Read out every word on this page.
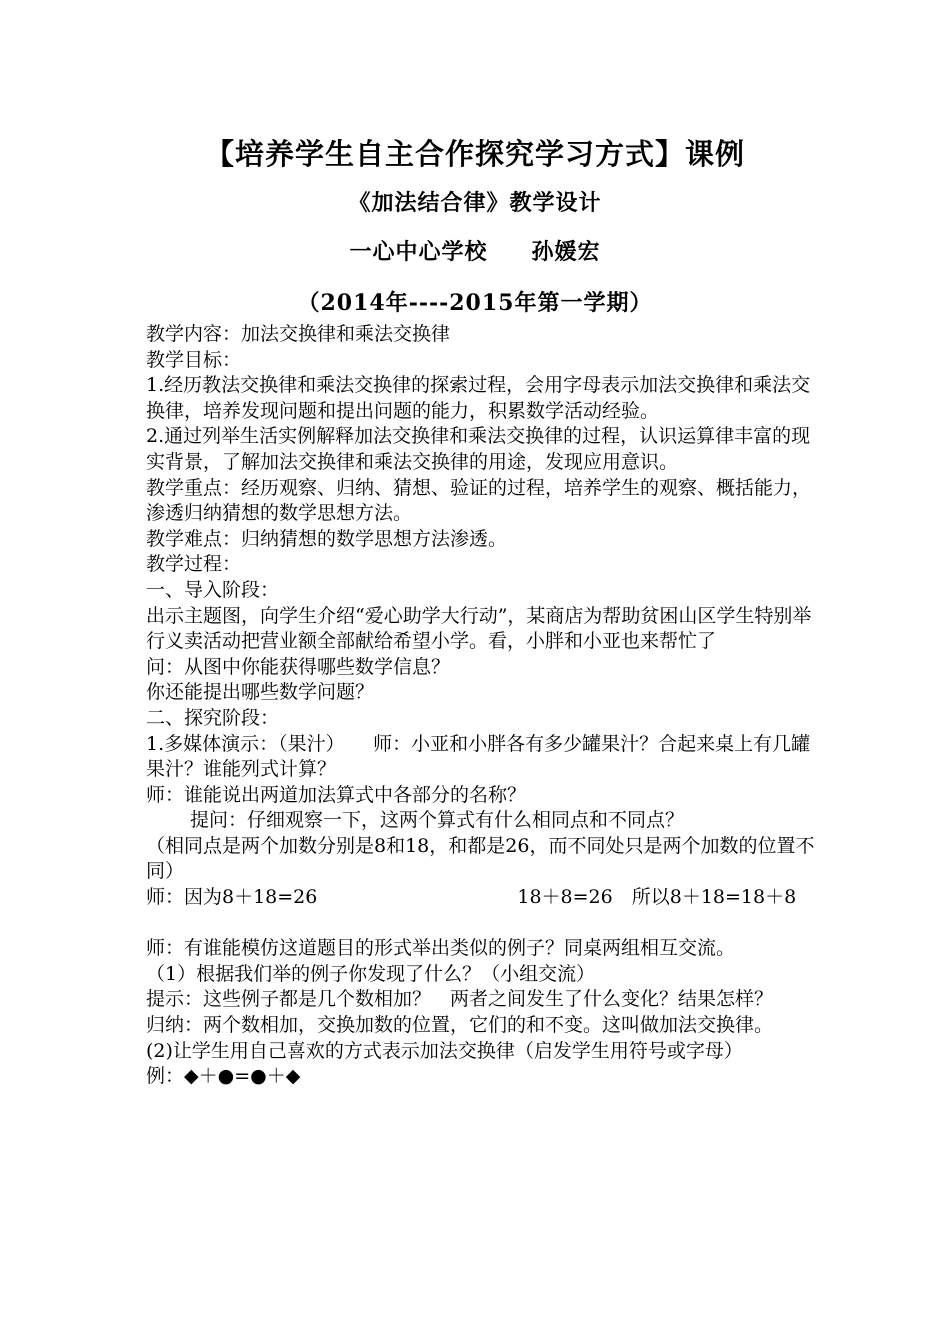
【培养学生自主合作探究学习方式】课例
《加法结合律》教学设计
一心中心学校 孙媛宏
（2014年----2015年第一学期）

教学内容：加法交换律和乘法交换律

教学目标：

1.经历教法交换律和乘法交换律的探索过程，会用字母表示加法交换律和乘法交换律，培养发现问题和提出问题的能力，积累数学活动经验。

2.通过列举生活实例解释加法交换律和乘法交换律的过程，认识运算律丰富的现实背景，了解加法交换律和乘法交换律的用途，发现应用意识。

教学重点：经历观察、归纳、猜想、验证的过程，培养学生的观察、概括能力，渗透归纳猜想的数学思想方法。

教学难点：归纳猜想的数学思想方法渗透。

教学过程：

一、导入阶段：

出示主题图，向学生介绍“爱心助学大行动”，某商店为帮助贫困山区学生特别举行义卖活动把营业额全部献给希望小学。看，小胖和小亚也来帮忙了

问：从图中你能获得哪些数学信息？

你还能提出哪些数学问题？

二、探究阶段：

1.多媒体演示：（果汁）　　师：小亚和小胖各有多少罐果汁？合起来桌上有几罐果汁？谁能列式计算？

师：谁能说出两道加法算式中各部分的名称？

提问：仔细观察一下，这两个算式有什么相同点和不同点？

（相同点是两个加数分别是8和18，和都是26，而不同处只是两个加数的位置不同）

师：因为8＋18=26	18＋8=26　所以8＋18=18＋8

师：有谁能模仿这道题目的形式举出类似的例子？同桌两组相互交流。

（1）根据我们举的例子你发现了什么？（小组交流）

提示：这些例子都是几个数相加？　两者之间发生了什么变化？结果怎样？

归纳：两个数相加，交换加数的位置，它们的和不变。这叫做加法交换律。

(2)让学生用自己喜欢的方式表示加法交换律（启发学生用符号或字母）

例：◆＋●=●＋◆
